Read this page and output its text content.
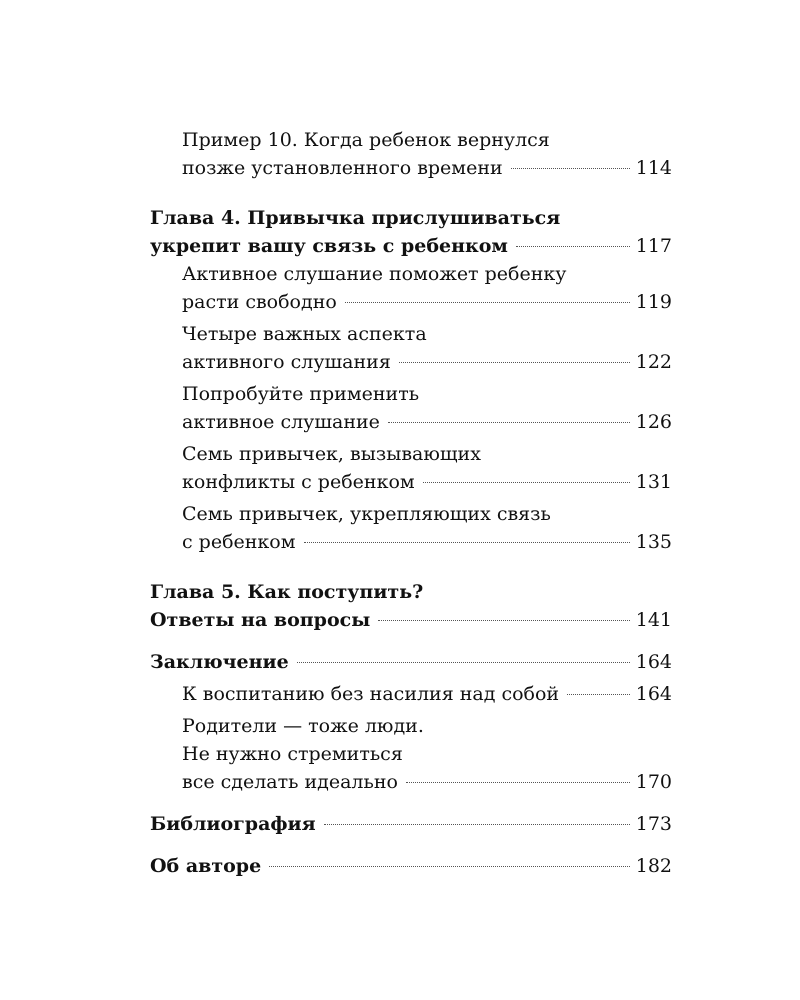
Пример 10. Когда ребенок вернулся
позже установленного времени	114
Глава 4. Привычка прислушиваться
укрепит вашу связь с ребенком	117
Активное слушание поможет ребенку
расти свободно	119
Четыре важных аспекта
активного слушания	122
Попробуйте применить
активное слушание	126
Семь привычек, вызывающих
конфликты с ребенком	131
Семь привычек, укрепляющих связь
с ребенком	135
Глава 5. Как поступить?
Ответы на вопросы	141
Заключение	164
К воспитанию без насилия над собой	164
Родители — тоже люди.
Не нужно стремиться
все сделать идеально	170
Библиография	173
Об авторе	182
